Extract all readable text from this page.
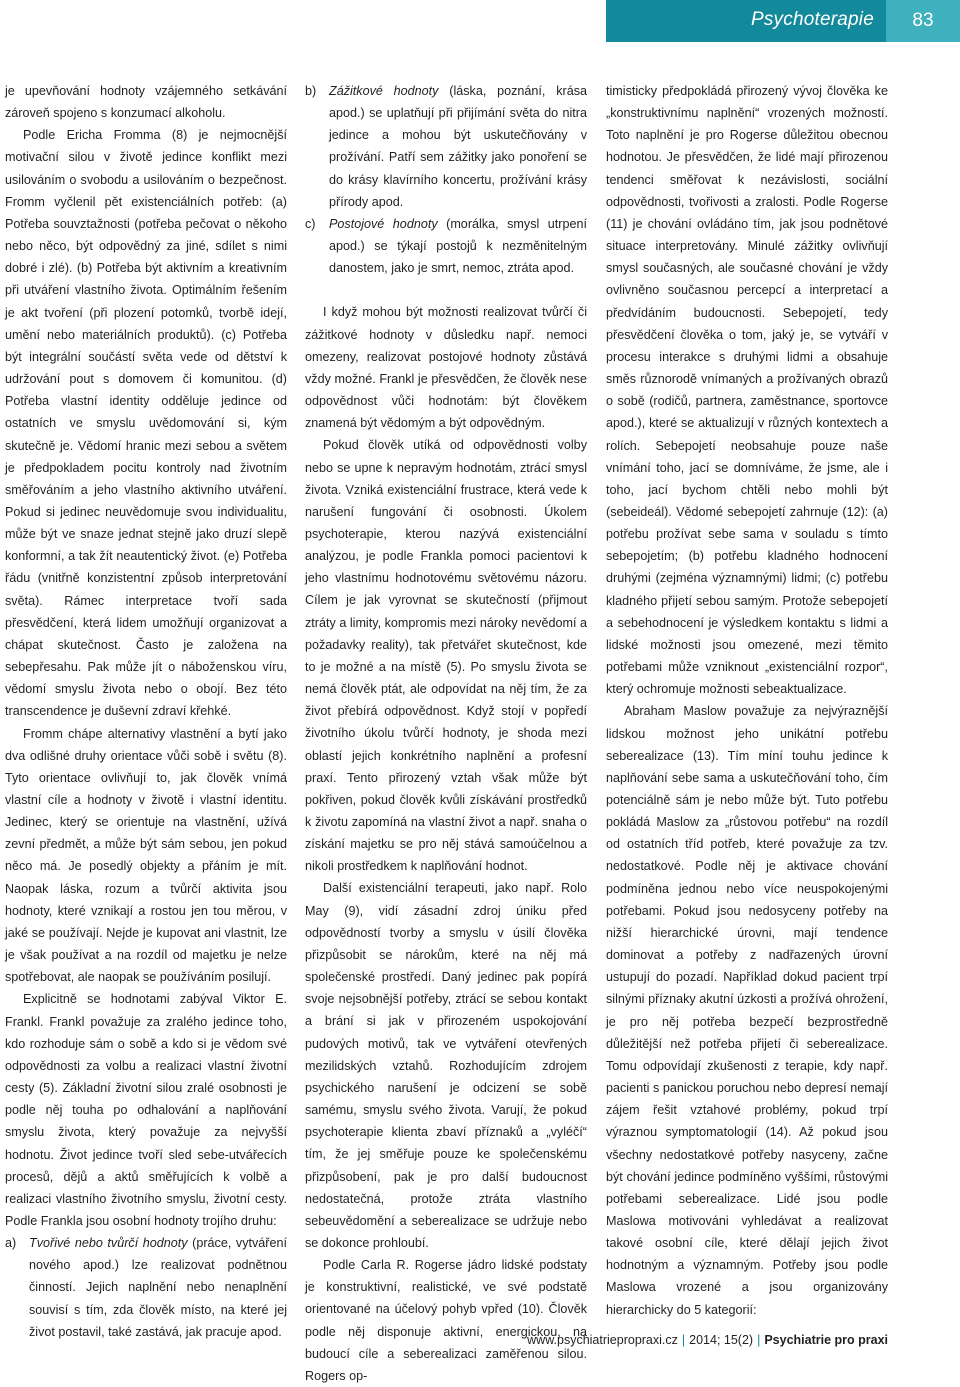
Psychoterapie	83

je upevňování hodnoty vzájemného setkávání zároveň spojeno s konzumací alkoholu.

Podle Ericha Fromma (8) je nejmocnější motivační silou v životě jedince konflikt mezi usilováním o svobodu a usilováním o bezpečnost. Fromm vyčlenil pět existenciálních potřeb: (a) Potřeba souvztažnosti (potřeba pečovat o někoho nebo něco, být odpovědný za jiné, sdílet s nimi dobré i zlé). (b) Potřeba být aktivním a kreativním při utváření vlastního života. Optimálním řešením je akt tvoření (při plození potomků, tvorbě idejí, umění nebo materiálních produktů). (c) Potřeba být integrální součástí světa vede od dětství k udržování pout s domovem či komunitou. (d) Potřeba vlastní identity odděluje jedince od ostatních ve smyslu uvědomování si, kým skutečně je. Vědomí hranic mezi sebou a světem je předpokladem pocitu kontroly nad životním směřováním a jeho vlastního aktivního utváření. Pokud si jedinec neuvědomuje svou individualitu, může být ve snaze jednat stejně jako druzí slepě konformní, a tak žít neautentický život. (e) Potřeba řádu (vnitřně konzistentní způsob interpretování světa). Rámec interpretace tvoří sada přesvědčení, která lidem umožňují organizovat a chápat skutečnost. Často je založena na sebepřesahu. Pak může jít o náboženskou víru, vědomí smyslu života nebo o obojí. Bez této transcendence je duševní zdraví křehké.

Fromm chápe alternativy vlastnění a bytí jako dva odlišné druhy orientace vůči sobě i světu (8). Tyto orientace ovlivňují to, jak člověk vnímá vlastní cíle a hodnoty v životě i vlastní identitu. Jedinec, který se orientuje na vlastnění, užívá zevní předmět, a může být sám sebou, jen pokud něco má. Je posedlý objekty a přáním je mít. Naopak láska, rozum a tvůrčí aktivita jsou hodnoty, které vznikají a rostou jen tou měrou, v jaké se používají. Nejde je kupovat ani vlastnit, lze je však používat a na rozdíl od majetku je nelze spotřebovat, ale naopak se používáním posilují.

Explicitně se hodnotami zabýval Viktor E. Frankl. Frankl považuje za zralého jedince toho, kdo rozhoduje sám o sobě a kdo si je vědom své odpovědnosti za volbu a realizaci vlastní životní cesty (5). Základní životní silou zralé osobnosti je podle něj touha po odhalování a naplňování smyslu života, který považuje za nejvyšší hodnotu. Život jedince tvoří sled sebe-utvářecích procesů, dějů a aktů směřujících k volbě a realizaci vlastního životního smyslu, životní cesty. Podle Frankla jsou osobní hodnoty trojího druhu:

a) Tvořivé nebo tvůrčí hodnoty (práce, vytváření nového apod.) lze realizovat podnětnou činností. Jejich naplnění nebo nenaplnění souvisí s tím, zda člověk místo, na které jej život postavil, také zastává, jak pracuje apod.
b) Zážitkové hodnoty (láska, poznání, krása apod.) se uplatňují při přijímání světa do nitra jedince a mohou být uskutečňovány v prožívání. Patří sem zážitky jako ponoření se do krásy klavírního koncertu, prožívání krásy přírody apod.
c) Postojové hodnoty (morálka, smysl utrpení apod.) se týkají postojů k nezměnitelným danostem, jako je smrt, nemoc, ztráta apod.

I když mohou být možnosti realizovat tvůrčí či zážitkové hodnoty v důsledku např. nemoci omezeny, realizovat postojové hodnoty zůstává vždy možné. Frankl je přesvědčen, že člověk nese odpovědnost vůči hodnotám: být člověkem znamená být vědomým a být odpovědným.

Pokud člověk utíká od odpovědnosti volby nebo se upne k nepravým hodnotám, ztrácí smysl života. Vzniká existenciální frustrace, která vede k narušení fungování či osobnosti. Úkolem psychoterapie, kterou nazývá existenciální analýzou, je podle Frankla pomoci pacientovi k jeho vlastnímu hodnotovému světovému názoru. Cílem je jak vyrovnat se skutečností (přijmout ztráty a limity, kompromis mezi nároky nevědomí a požadavky reality), tak přetvářet skutečnost, kde to je možné a na místě (5). Po smyslu života se nemá člověk ptát, ale odpovídat na něj tím, že za život přebírá odpovědnost. Když stojí v popředí životního úkolu tvůrčí hodnoty, je shoda mezi oblastí jejich konkrétního naplnění a profesní praxí. Tento přirozený vztah však může být pokřiven, pokud člověk kvůli získávání prostředků k životu zapomíná na vlastní život a např. snaha o získání majetku se pro něj stává samoúčelnou a nikoli prostředkem k naplňování hodnot.

Další existenciální terapeuti, jako např. Rolo May (9), vidí zásadní zdroj úniku před odpovědností tvorby a smyslu v úsilí člověka přizpůsobit se nárokům, které na něj má společenské prostředí. Daný jedinec pak popírá svoje nejsobnější potřeby, ztrácí se sebou kontakt a brání si jak v přirozeném uspokojování pudových motivů, tak ve vytváření otevřených mezilidských vztahů. Rozhodujícím zdrojem psychického narušení je odcizení se sobě samému, smyslu svého života. Varují, že pokud psychoterapie klienta zbaví příznaků a „vyléčí“ tím, že jej směřuje pouze ke společenskému přizpůsobení, pak je pro další budoucnost nedostatečná, protože ztráta vlastního sebeuvědomění a seberealizace se udržuje nebo se dokonce prohloubí.

Podle Carla R. Rogerse jádro lidské podstaty je konstruktivní, realistické, ve své podstatě orientované na účelový pohyb vpřed (10). Člověk podle něj disponuje aktivní, energickou, na budoucí cíle a seberealizaci zaměřenou silou. Rogers op-

timisticky předpokládá přirozený vývoj člověka ke „konstruktivnímu naplnění“ vrozených možností. Toto naplnění je pro Rogerse důležitou obecnou hodnotou. Je přesvědčen, že lidé mají přirozenou tendenci směřovat k nezávislosti, sociální odpovědnosti, tvořivosti a zralosti. Podle Rogerse (11) je chování ovládáno tím, jak jsou podnětové situace interpretovány. Minulé zážitky ovlivňují smysl současných, ale současné chování je vždy ovlivněno současnou percepcí a interpretací a předvídáním budoucnosti. Sebepojetí, tedy přesvědčení člověka o tom, jaký je, se vytváří v procesu interakce s druhými lidmi a obsahuje směs různorodě vnímaných a prožívaných obrazů o sobě (rodičů, partnera, zaměstnance, sportovce apod.), které se aktualizují v různých kontextech a rolích. Sebepojetí neobsahuje pouze naše vnímání toho, jací se domníváme, že jsme, ale i toho, jací bychom chtěli nebo mohli být (sebeideál). Vědomé sebepojetí zahrnuje (12): (a) potřebu prožívat sebe sama v souladu s tímto sebepojetím; (b) potřebu kladného hodnocení druhými (zejména významnými) lidmi; (c) potřebu kladného přijetí sebou samým. Protože sebepojetí a sebehodnocení je výsledkem kontaktu s lidmi a lidské možnosti jsou omezené, mezi těmito potřebami může vzniknout „existenciální rozpor“, který ochromuje možnosti sebeaktualizace.

Abraham Maslow považuje za nejvýraznější lidskou možnost jeho unikátní potřebu seberealizace (13). Tím míní touhu jedince k naplňování sebe sama a uskutečňování toho, čím potenciálně sám je nebo může být. Tuto potřebu pokládá Maslow za „růstovou potřebu“ na rozdíl od ostatních tříd potřeb, které považuje za tzv. nedostatkové. Podle něj je aktivace chování podmíněna jednou nebo více neuspokojenými potřebami. Pokud jsou nedosyceny potřeby na nižší hierarchické úrovni, mají tendence dominovat a potřeby z nadřazených úrovní ustupují do pozadí. Například dokud pacient trpí silnými příznaky akutní úzkosti a prožívá ohrožení, je pro něj potřeba bezpečí bezprostředně důležitější než potřeba přijetí či seberealizace. Tomu odpovídají zkušenosti z terapie, kdy např. pacienti s panickou poruchou nebo depresí nemají zájem řešit vztahové problémy, pokud trpí výraznou symptomatologií (14). Až pokud jsou všechny nedostatkové potřeby nasyceny, začne být chování jedince podmíněno vyššími, růstovými potřebami seberealizace. Lidé jsou podle Maslowa motivováni vyhledávat a realizovat takové osobní cíle, které dělají jejich život hodnotným a významným. Potřeby jsou podle Maslowa vrozené a jsou organizovány hierarchicky do 5 kategorií:

www.psychiatriepropraxi.cz | 2014; 15(2) | Psychiatrie pro praxi
